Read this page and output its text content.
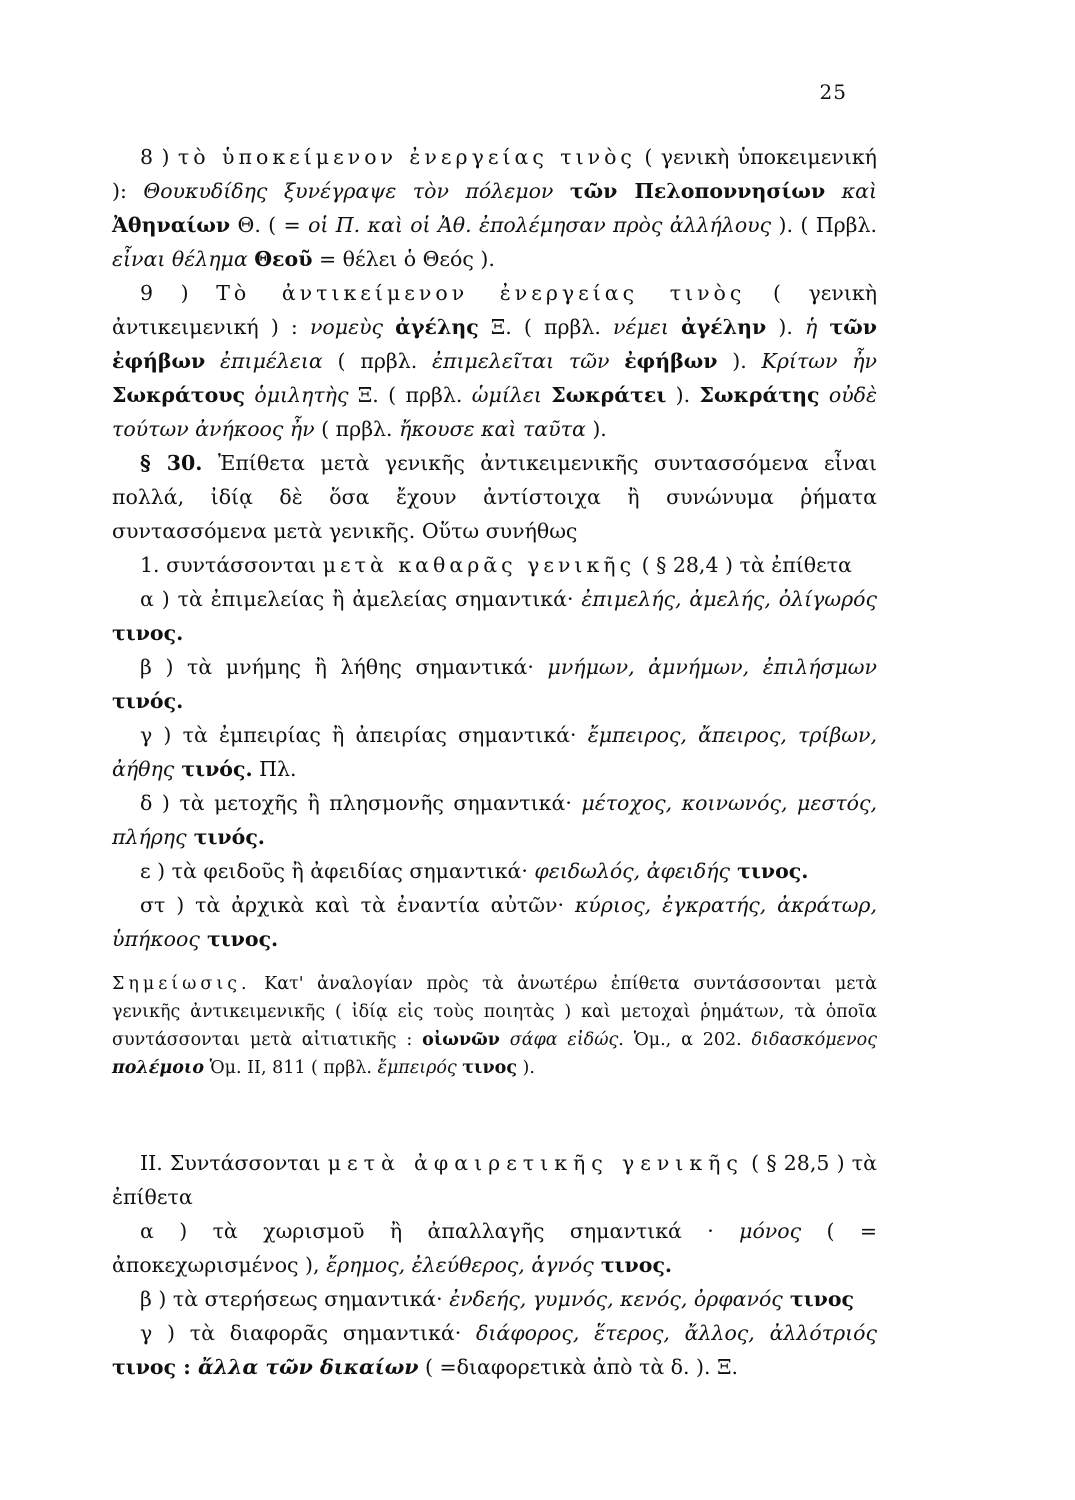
25

8 ) τὸ ὑποκείμενον ἐνεργείας τινὸς ( γενικὴ ὑποκειμενική ): Θουκυδίδης ξυνέγραψε τὸν πόλεμον τῶν Πελοποννησίων καὶ Ἀθηναίων Θ. ( = οἱ Π. καὶ οἱ Ἀθ. ἐπολέμησαν πρὸς ἀλλήλους ). ( Πρβλ. εἶναι θέλημα Θεοῦ = θέλει ὁ Θεός ).

9 ) Τὸ ἀντικείμενον ἐνεργείας τινὸς ( γενικὴ ἀντικειμενική ) : νομεὺς ἀγέλης Ξ. ( πρβλ. νέμει ἀγέλην ). ἡ τῶν ἐφήβων ἐπιμέλεια ( πρβλ. ἐπιμελεῖται τῶν ἐφήβων ). Κρίτων ἦν Σωκράτους ὁμιλητὴς Ξ. ( πρβλ. ὡμίλει Σωκράτει ). Σωκράτης οὐδὲ τούτων ἀνήκοος ἦν ( πρβλ. ἤκουσε καὶ ταῦτα ).

§ 30. Ἐπίθετα μετὰ γενικῆς ἀντικειμενικῆς συντασσόμενα εἶναι πολλά, ἰδίᾳ δὲ ὅσα ἔχουν ἀντίστοιχα ἢ συνώνυμα ῥήματα συντασσόμενα μετὰ γενικῆς. Οὕτω συνήθως

1. συντάσσονται μετὰ καθαρᾶς γενικῆς ( § 28,4 ) τὰ ἐπίθετα

α ) τὰ ἐπιμελείας ἢ ἀμελείας σημαντικά· ἐπιμελής, ἀμελής, ὀλίγωρός τινος.

β ) τὰ μνήμης ἢ λήθης σημαντικά· μνήμων, ἀμνήμων, ἐπιλήσμων τινός.

γ ) τὰ ἐμπειρίας ἢ ἀπειρίας σημαντικά· ἔμπειρος, ἄπειρος, τρίβων, ἀήθης τινός. Πλ.

δ ) τὰ μετοχῆς ἢ πλησμονῆς σημαντικά· μέτοχος, κοινωνός, μεστός, πλήρης τινός.

ε ) τὰ φειδοῦς ἢ ἀφειδίας σημαντικά· φειδωλός, ἀφειδής τινος.

στ ) τὰ ἀρχικὰ καὶ τὰ ἐναντία αὐτῶν· κύριος, ἐγκρατής, ἀκράτωρ, ὑπήκοος τινος.

Σημείωσις. Κατ' ἀναλογίαν πρὸς τὰ ἀνωτέρω ἐπίθετα συντάσσονται μετὰ γενικῆς ἀντικειμενικῆς ( ἰδίᾳ εἰς τοὺς ποιητὰς ) καὶ μετοχαὶ ῥημάτων, τὰ ὁποῖα συντάσσονται μετὰ αἰτιατικῆς : οἰωνῶν σάφα εἰδώς. Ὁμ., α 202. διδασκόμενος πολέμοιο Ὁμ. ΙΙ, 811 ( πρβλ. ἔμπειρός τινος ).

ΙΙ. Συντάσσονται μετὰ ἀφαιρετικῆς γενικῆς ( § 28,5 ) τὰ ἐπίθετα

α ) τὰ χωρισμοῦ ἢ ἀπαλλαγῆς σημαντικά · μόνος ( = ἀποκεχωρισμένος ), ἔρημος, ἐλεύθερος, ἁγνός τινος.

β ) τὰ στερήσεως σημαντικά· ἐνδεής, γυμνός, κενός, ὀρφανός τινος

γ ) τὰ διαφορᾶς σημαντικά· διάφορος, ἕτερος, ἄλλος, ἀλλότριός τινος : ἄλλα τῶν δικαίων ( =διαφορετικὰ ἀπὸ τὰ δ. ). Ξ.
